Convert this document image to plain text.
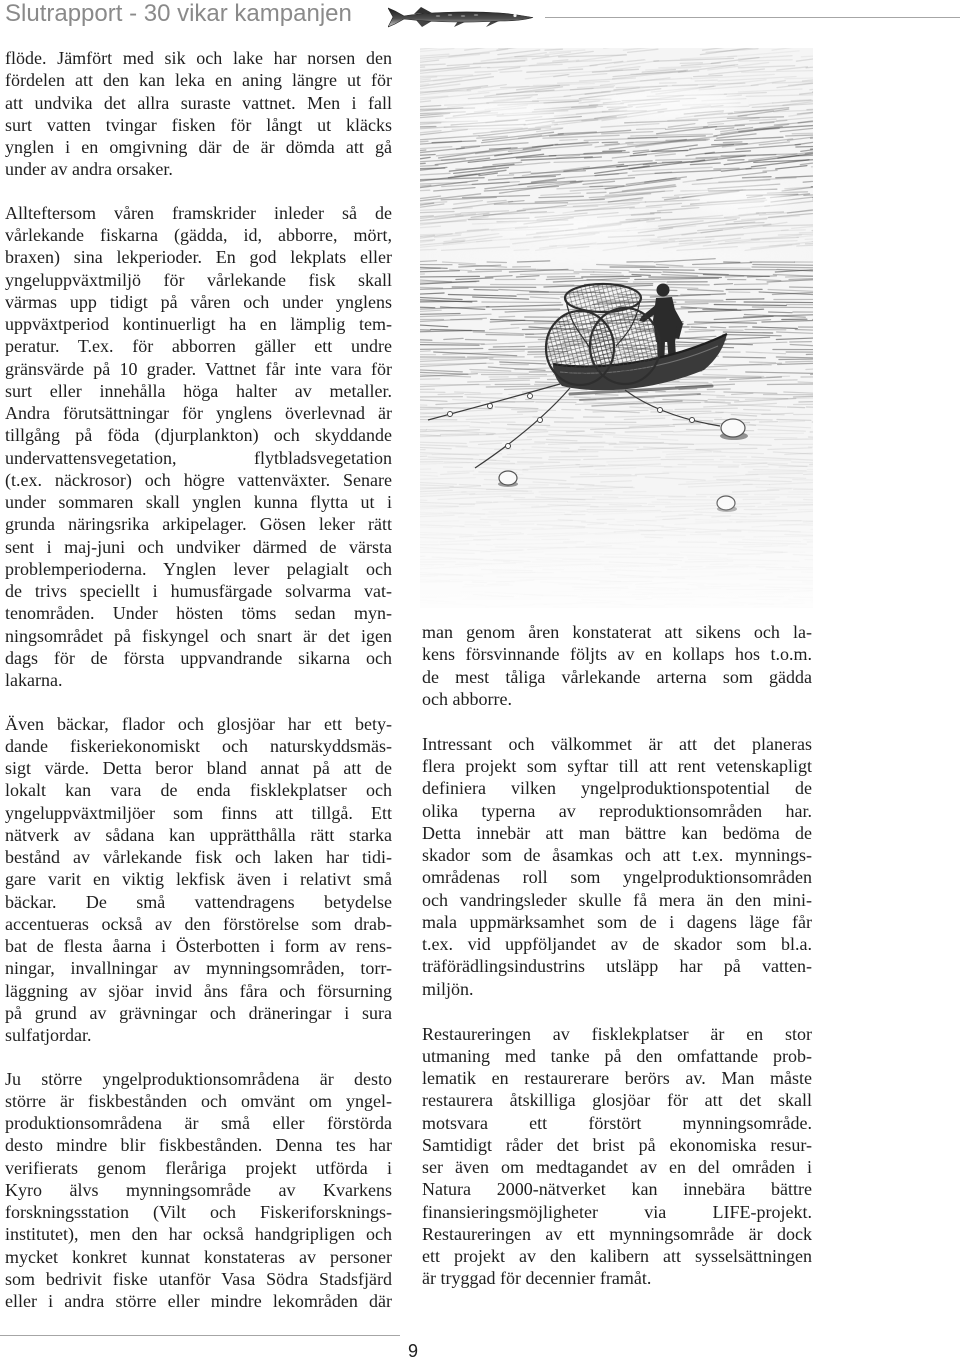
Slutrapport - 30 vikar kampanjen

flöde. Jämfört med sik och lake har norsen den
fördelen att den kan leka en aning längre ut för
att undvika det allra suraste vattnet. Men i fall
surt vatten tvingar fisken för långt ut kläcks
ynglen i en omgivning där de är dömda att gå
under av andra orsaker.

Allteftersom våren framskrider inleder så de
vårlekande fiskarna (gädda, id, abborre, mört,
braxen) sina lekperioder. En god lekplats eller
yngeluppväxtmiljö för vårlekande fisk skall
värmas upp tidigt på våren och under ynglens
uppväxtperiod kontinuerligt ha en lämplig tem-
peratur. T.ex. för abborren gäller ett undre
gränsvärde på 10 grader. Vattnet får inte vara för
surt eller innehålla höga halter av metaller.
Andra förutsättningar för ynglens överlevnad är
tillgång på föda (djurplankton) och skyddande
undervattensvegetation, flytbladsvegetation
(t.ex. näckrosor) och högre vattenväxter. Senare
under sommaren skall ynglen kunna flytta ut i
grunda näringsrika arkipelager. Gösen leker rätt
sent i maj-juni och undviker därmed de värsta
problemperioderna. Ynglen lever pelagialt och
de trivs speciellt i humusfärgade solvarma vat-
tenområden. Under hösten töms sedan myn-
ningsområdet på fiskyngel och snart är det igen
dags för de första uppvandrande sikarna och
lakarna.

Även bäckar, flador och glosjöar har ett bety-
dande fiskeriekonomiskt och naturskyddsmäs-
sigt värde. Detta beror bland annat på att de
lokalt kan vara de enda fisklekplatser och
yngeluppväxtmiljöer som finns att tillgå. Ett
nätverk av sådana kan upprätthålla rätt starka
bestånd av vårlekande fisk och laken har tidi-
gare varit en viktig lekfisk även i relativt små
bäckar. De små vattendragens betydelse
accentueras också av den förstörelse som drab-
bat de flesta åarna i Österbotten i form av rens-
ningar, invallningar av mynningsområden, torr-
läggning av sjöar invid åns fåra och försurning
på grund av grävningar och dräneringar i sura
sulfatjordar.

Ju större yngelproduktionsområdena är desto
större är fiskbestånden och omvänt om yngel-
produktionsområdena är små eller förstörda
desto mindre blir fiskbestånden. Denna tes har
verifierats genom fleråriga projekt utförda i
Kyro älvs mynningsområde av Kvarkens
forskningsstation (Vilt och Fiskeriforsknings-
institutet), men den har också handgripligen och
mycket konkret kunnat konstateras av personer
som bedrivit fiske utanför Vasa Södra Stadsfjärd
eller i andra större eller mindre lekområden där

man genom åren konstaterat att sikens och la-
kens försvinnande följts av en kollaps hos t.o.m.
de mest tåliga vårlekande arterna som gädda
och abborre.

Intressant och välkommet är att det planeras
flera projekt som syftar till att rent vetenskapligt
definiera vilken yngelproduktionspotential de
olika typerna av reproduktionsområden har.
Detta innebär att man bättre kan bedöma de
skador som de åsamkas och att t.ex. mynnings-
områdenas roll som yngelproduktionsområden
och vandringsleder skulle få mera än den mini-
mala uppmärksamhet som de i dagens läge får
t.ex. vid uppföljandet av de skador som bl.a.
träförädlingsindustrins utsläpp har på vatten-
miljön.

Restaureringen av fisklekplatser är en stor
utmaning med tanke på den omfattande prob-
lematik en restaurerare berörs av. Man måste
restaurera åtskilliga glosjöar för att det skall
motsvara ett förstört mynningsområde.
Samtidigt råder det brist på ekonomiska resur-
ser även om medtagandet av en del områden i
Natura 2000-nätverket kan innebära bättre
finansieringsmöjligheter via LIFE-projekt.
Restaureringen av ett mynningsområde är dock
ett projekt av den kalibern att sysselsättningen
är tryggad för decennier framåt.

9
